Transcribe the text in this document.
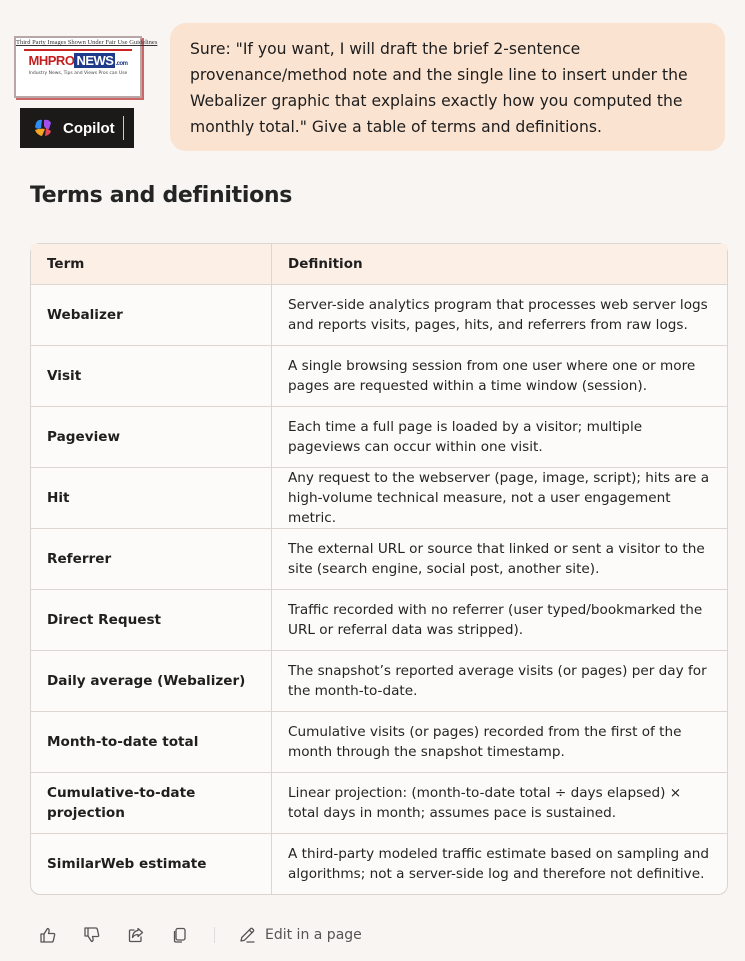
Third Party Images Shown Under Fair Use Guidelines
MHPRO NEWS .com
Industry News, Tips and Views Pros can Use
Copilot
Sure: "If you want, I will draft the brief 2-sentence provenance/method note and the single line to insert under the Webalizer graphic that explains exactly how you computed the monthly total." Give a table of terms and definitions.
Terms and definitions
Term	Definition
Webalizer	Server-side analytics program that processes web server logs and reports visits, pages, hits, and referrers from raw logs.
Visit	A single browsing session from one user where one or more pages are requested within a time window (session).
Pageview	Each time a full page is loaded by a visitor; multiple pageviews can occur within one visit.
Hit	Any request to the webserver (page, image, script); hits are a high-volume technical measure, not a user engagement metric.
Referrer	The external URL or source that linked or sent a visitor to the site (search engine, social post, another site).
Direct Request	Traffic recorded with no referrer (user typed/bookmarked the URL or referral data was stripped).
Daily average (Webalizer)	The snapshot’s reported average visits (or pages) per day for the month-to-date.
Month-to-date total	Cumulative visits (or pages) recorded from the first of the month through the snapshot timestamp.
Cumulative-to-date projection	Linear projection: (month-to-date total ÷ days elapsed) × total days in month; assumes pace is sustained.
SimilarWeb estimate	A third-party modeled traffic estimate based on sampling and algorithms; not a server-side log and therefore not definitive.
Edit in a page
